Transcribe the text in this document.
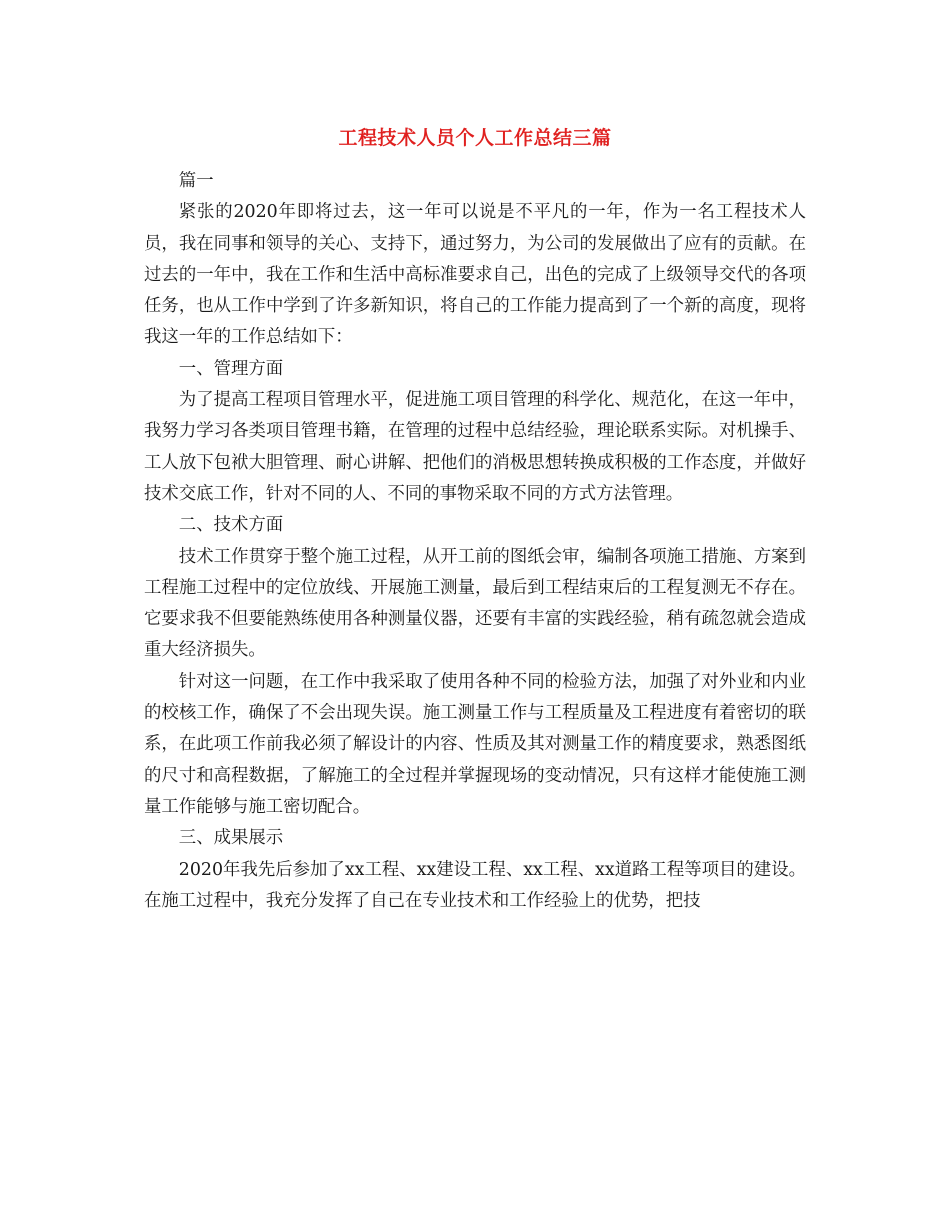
工程技术人员个人工作总结三篇

篇一

紧张的2020年即将过去，这一年可以说是不平凡的一年，作为一名工程技术人员，我在同事和领导的关心、支持下，通过努力，为公司的发展做出了应有的贡献。在过去的一年中，我在工作和生活中高标准要求自己，出色的完成了上级领导交代的各项任务，也从工作中学到了许多新知识，将自己的工作能力提高到了一个新的高度，现将我这一年的工作总结如下：

一、管理方面

为了提高工程项目管理水平，促进施工项目管理的科学化、规范化，在这一年中，我努力学习各类项目管理书籍，在管理的过程中总结经验，理论联系实际。对机操手、工人放下包袱大胆管理、耐心讲解、把他们的消极思想转换成积极的工作态度，并做好技术交底工作，针对不同的人、不同的事物采取不同的方式方法管理。

二、技术方面

技术工作贯穿于整个施工过程，从开工前的图纸会审，编制各项施工措施、方案到工程施工过程中的定位放线、开展施工测量，最后到工程结束后的工程复测无不存在。它要求我不但要能熟练使用各种测量仪器，还要有丰富的实践经验，稍有疏忽就会造成重大经济损失。

针对这一问题，在工作中我采取了使用各种不同的检验方法，加强了对外业和内业的校核工作，确保了不会出现失误。施工测量工作与工程质量及工程进度有着密切的联系，在此项工作前我必须了解设计的内容、性质及其对测量工作的精度要求，熟悉图纸的尺寸和高程数据，了解施工的全过程并掌握现场的变动情况，只有这样才能使施工测量工作能够与施工密切配合。

三、成果展示

2020年我先后参加了xx工程、xx建设工程、xx工程、xx道路工程等项目的建设。在施工过程中，我充分发挥了自己在专业技术和工作经验上的优势，把技
